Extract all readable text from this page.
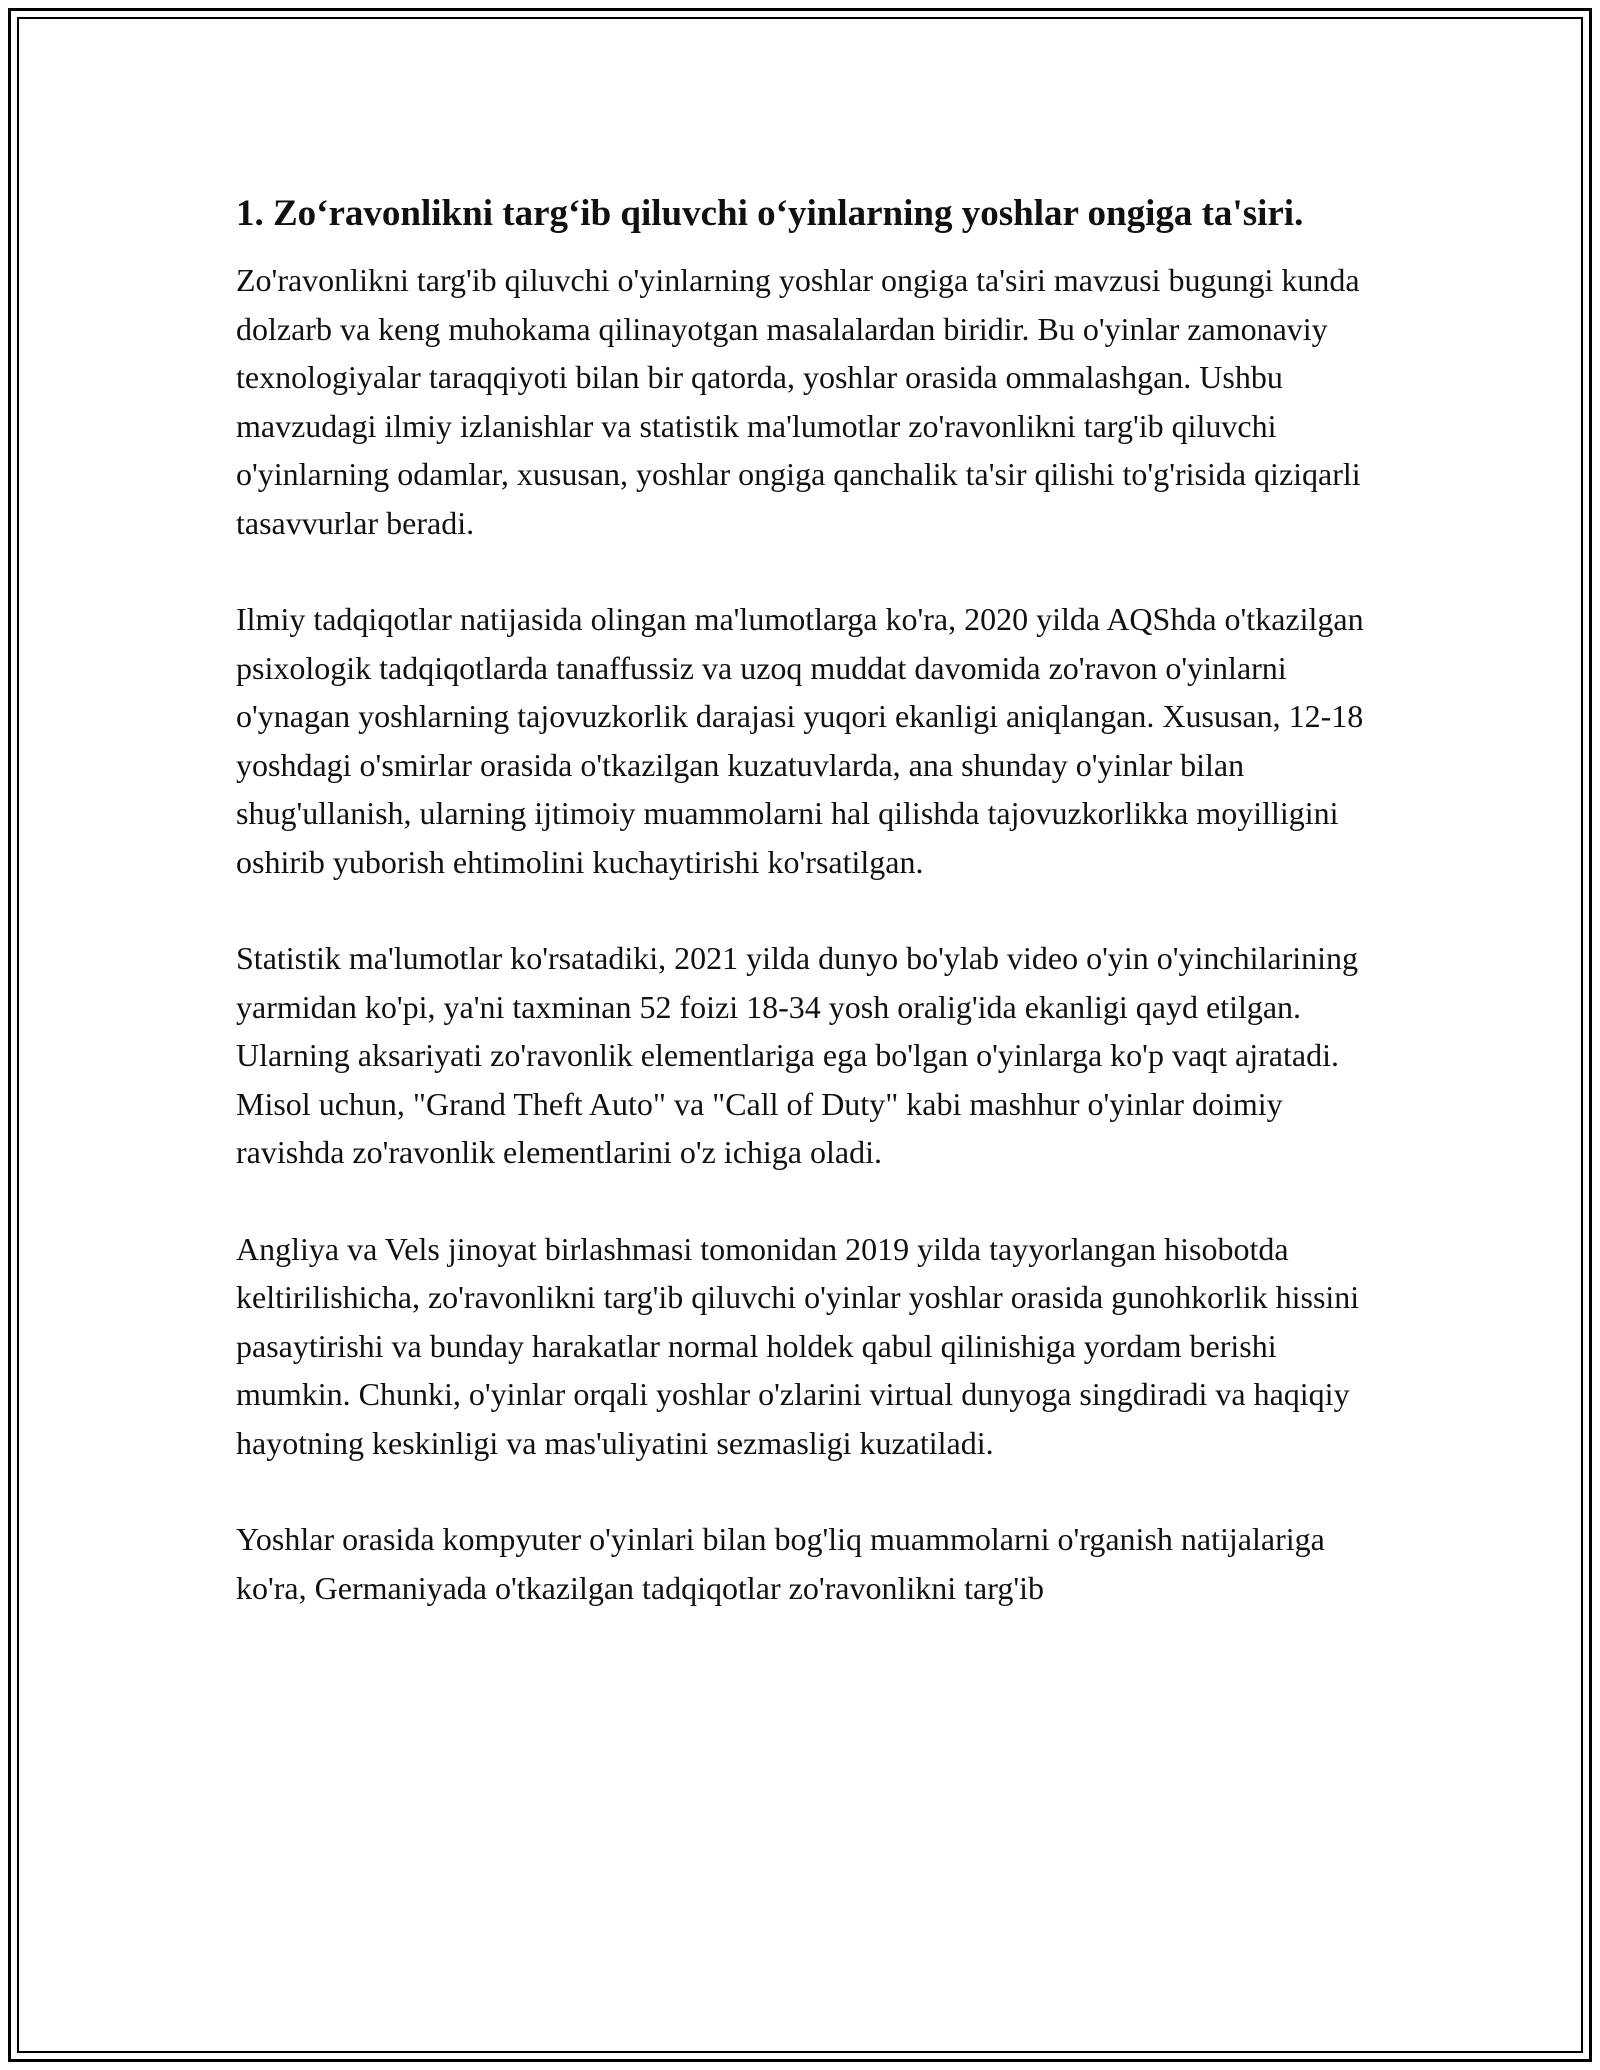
1. Zo‘ravonlikni targ‘ib qiluvchi o‘yinlarning yoshlar ongiga ta'siri.

Zo'ravonlikni targ'ib qiluvchi o'yinlarning yoshlar ongiga ta'siri mavzusi bugungi kunda dolzarb va keng muhokama qilinayotgan masalalardan biridir. Bu o'yinlar zamonaviy texnologiyalar taraqqiyoti bilan bir qatorda, yoshlar orasida ommalashgan. Ushbu mavzudagi ilmiy izlanishlar va statistik ma'lumotlar zo'ravonlikni targ'ib qiluvchi o'yinlarning odamlar, xususan, yoshlar ongiga qanchalik ta'sir qilishi to'g'risida qiziqarli tasavvurlar beradi.

Ilmiy tadqiqotlar natijasida olingan ma'lumotlarga ko'ra, 2020 yilda AQShda o'tkazilgan psixologik tadqiqotlarda tanaffussiz va uzoq muddat davomida zo'ravon o'yinlarni o'ynagan yoshlarning tajovuzkorlik darajasi yuqori ekanligi aniqlangan. Xususan, 12-18 yoshdagi o'smirlar orasida o'tkazilgan kuzatuvlarda, ana shunday o'yinlar bilan shug'ullanish, ularning ijtimoiy muammolarni hal qilishda tajovuzkorlikka moyilligini oshirib yuborish ehtimolini kuchaytirishi ko'rsatilgan.

Statistik ma'lumotlar ko'rsatadiki, 2021 yilda dunyo bo'ylab video o'yin o'yinchilarining yarmidan ko'pi, ya'ni taxminan 52 foizi 18-34 yosh oralig'ida ekanligi qayd etilgan. Ularning aksariyati zo'ravonlik elementlariga ega bo'lgan o'yinlarga ko'p vaqt ajratadi. Misol uchun, "Grand Theft Auto" va "Call of Duty" kabi mashhur o'yinlar doimiy ravishda zo'ravonlik elementlarini o'z ichiga oladi.

Angliya va Vels jinoyat birlashmasi tomonidan 2019 yilda tayyorlangan hisobotda keltirilishicha, zo'ravonlikni targ'ib qiluvchi o'yinlar yoshlar orasida gunohkorlik hissini pasaytirishi va bunday harakatlar normal holdek qabul qilinishiga yordam berishi mumkin. Chunki, o'yinlar orqali yoshlar o'zlarini virtual dunyoga singdiradi va haqiqiy hayotning keskinligi va mas'uliyatini sezmasligi kuzatiladi.

Yoshlar orasida kompyuter o'yinlari bilan bog'liq muammolarni o'rganish natijalariga ko'ra, Germaniyada o'tkazilgan tadqiqotlar zo'ravonlikni targ'ib
